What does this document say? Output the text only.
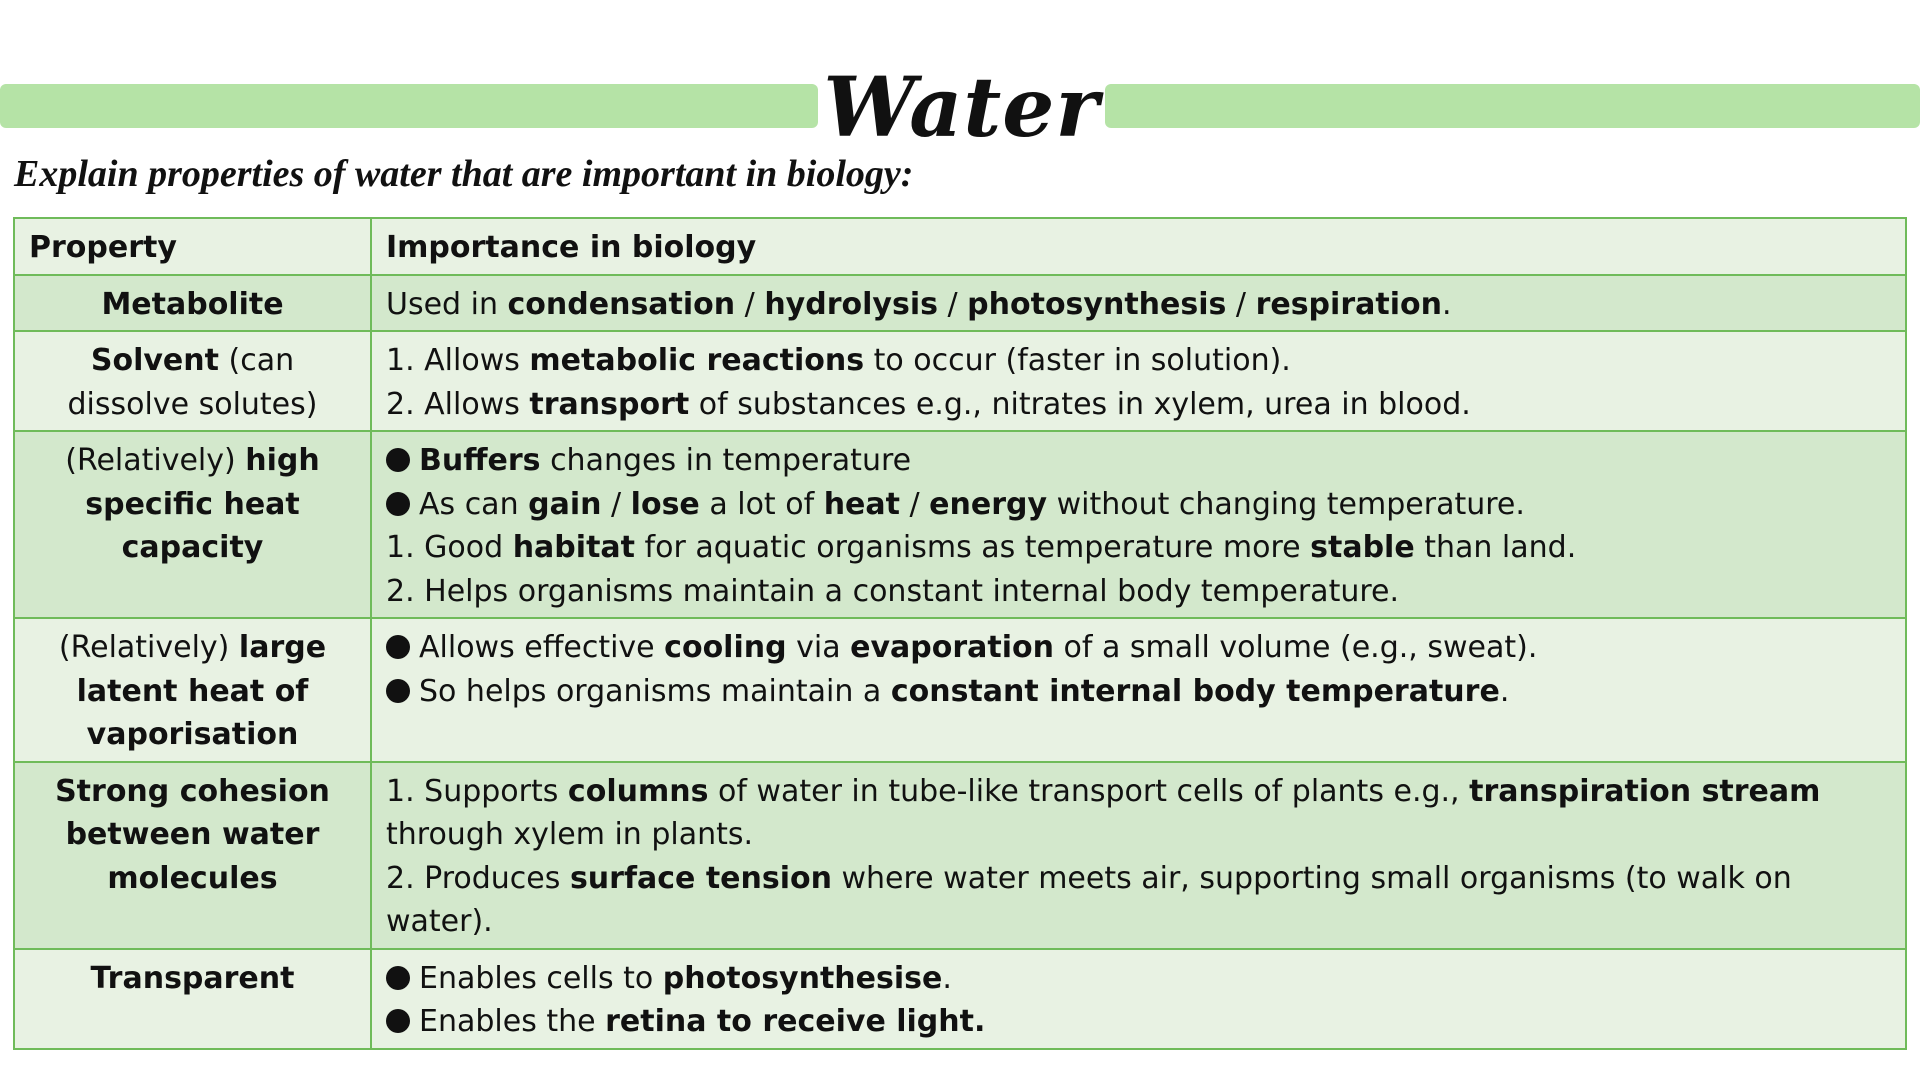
Water

Explain properties of water that are important in biology:

Property	Importance in biology
Metabolite	Used in condensation / hydrolysis / photosynthesis / respiration.

Solvent (can dissolve solutes)	1. Allows metabolic reactions to occur (faster in solution).
2. Allows transport of substances e.g., nitrates in xylem, urea in blood.

(Relatively) high specific heat capacity	Buffers changes in temperature
As can gain / lose a lot of heat / energy without changing temperature.
1. Good habitat for aquatic organisms as temperature more stable than land.
2. Helps organisms maintain a constant internal body temperature.

(Relatively) large latent heat of vaporisation	Allows effective cooling via evaporation of a small volume (e.g., sweat).
So helps organisms maintain a constant internal body temperature.

Strong cohesion between water molecules	1. Supports columns of water in tube-like transport cells of plants e.g., transpiration stream through xylem in plants.
2. Produces surface tension where water meets air, supporting small organisms (to walk on water).

Transparent	Enables cells to photosynthesise.
Enables the retina to receive light.
